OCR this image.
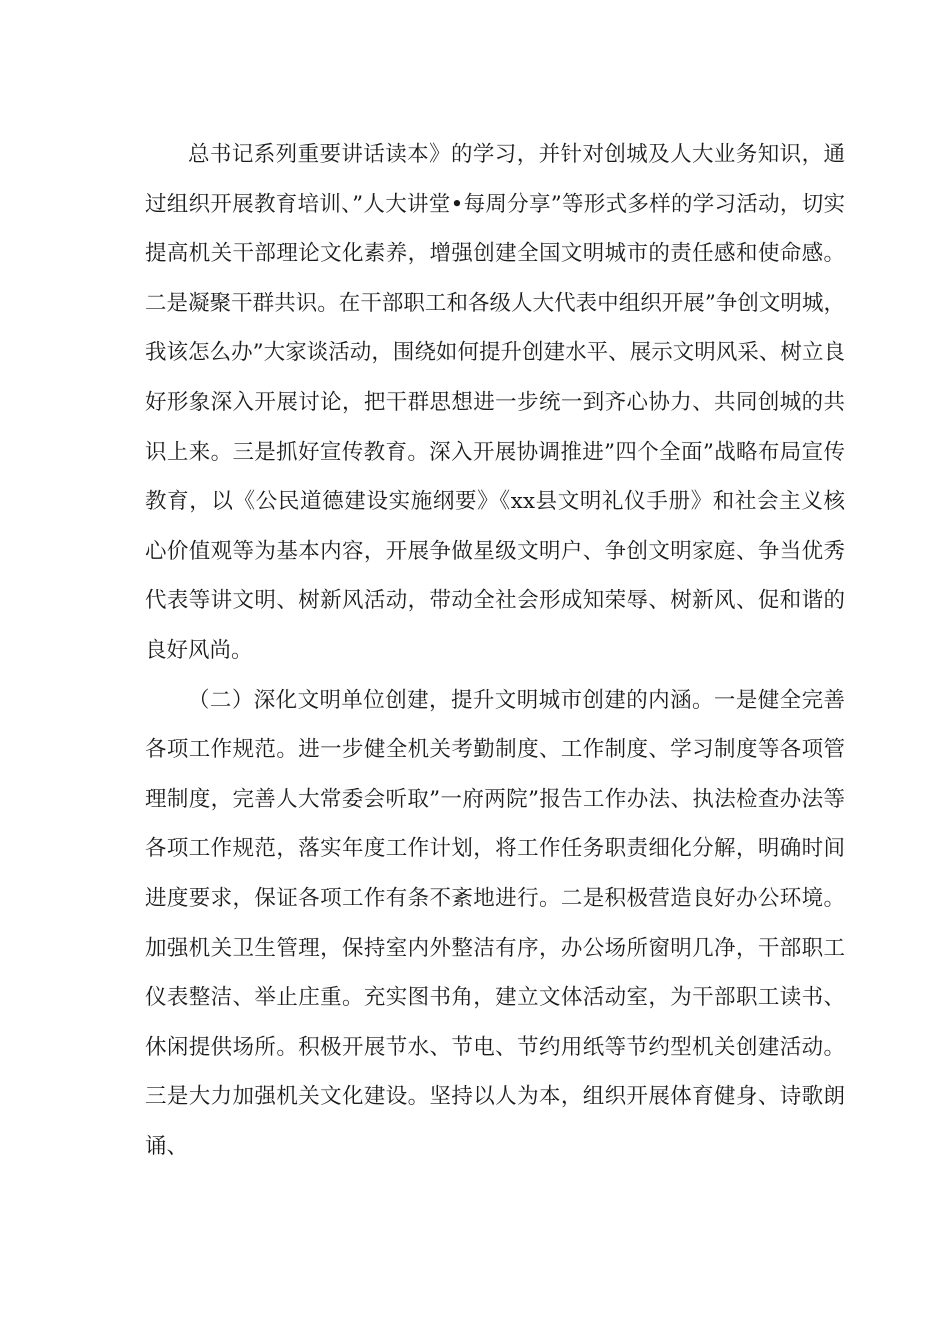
总书记系列重要讲话读本》的学习，并针对创城及人大业务知识，通过组织开展教育培训、”人大讲堂•每周分享”等形式多样的学习活动，切实提高机关干部理论文化素养，增强创建全国文明城市的责任感和使命感。二是凝聚干群共识。在干部职工和各级人大代表中组织开展”争创文明城，我该怎么办”大家谈活动，围绕如何提升创建水平、展示文明风采、树立良好形象深入开展讨论，把干群思想进一步统一到齐心协力、共同创城的共识上来。三是抓好宣传教育。深入开展协调推进”四个全面”战略布局宣传教育，以《公民道德建设实施纲要》《xx县文明礼仪手册》和社会主义核心价值观等为基本内容，开展争做星级文明户、争创文明家庭、争当优秀代表等讲文明、树新风活动，带动全社会形成知荣辱、树新风、促和谐的良好风尚。

（二）深化文明单位创建，提升文明城市创建的内涵。一是健全完善各项工作规范。进一步健全机关考勤制度、工作制度、学习制度等各项管理制度，完善人大常委会听取”一府两院”报告工作办法、执法检查办法等各项工作规范，落实年度工作计划，将工作任务职责细化分解，明确时间进度要求，保证各项工作有条不紊地进行。二是积极营造良好办公环境。加强机关卫生管理，保持室内外整洁有序，办公场所窗明几净，干部职工仪表整洁、举止庄重。充实图书角，建立文体活动室，为干部职工读书、休闲提供场所。积极开展节水、节电、节约用纸等节约型机关创建活动。三是大力加强机关文化建设。坚持以人为本，组织开展体育健身、诗歌朗诵、
